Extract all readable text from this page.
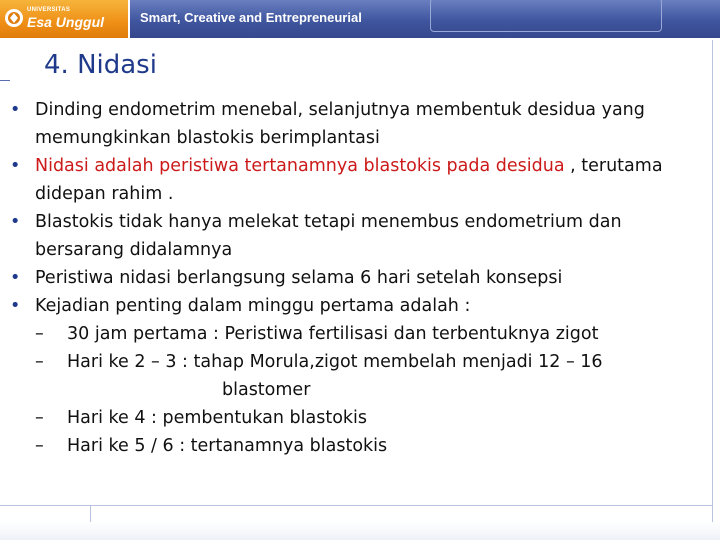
UNIVERSITAS
Esa Unggul	Smart, Creative and Entrepreneurial
4. Nidasi
• Dinding endometrim menebal, selanjutnya membentuk desidua yang memungkinkan blastokis berimplantasi
• Nidasi adalah peristiwa tertanamnya blastokis pada desidua , terutama didepan rahim .
• Blastokis tidak hanya melekat tetapi menembus endometrium dan bersarang didalamnya
• Peristiwa nidasi berlangsung selama 6 hari setelah konsepsi
• Kejadian penting dalam minggu pertama adalah :
– 30 jam pertama : Peristiwa fertilisasi dan terbentuknya zigot
– Hari ke 2 – 3 : tahap Morula,zigot membelah menjadi 12 – 16
blastomer
– Hari ke 4 : pembentukan blastokis
– Hari ke 5 / 6 : tertanamnya blastokis
